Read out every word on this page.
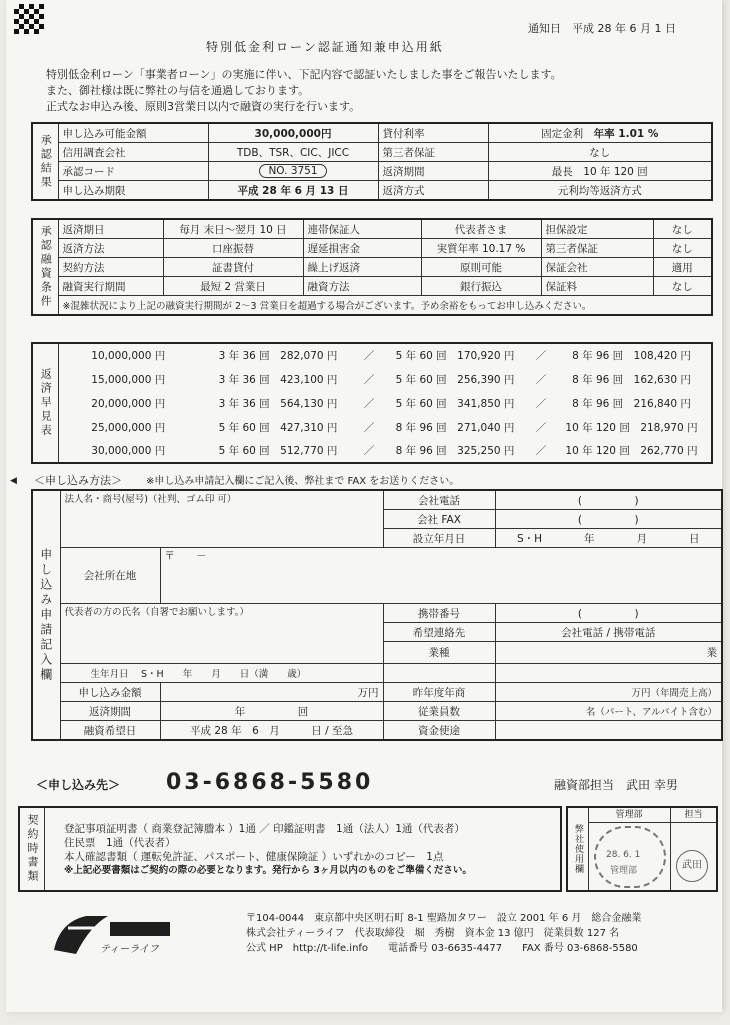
通知日　平成 28 年 6 月 1 日
特別低金利ローン認証通知兼申込用紙
特別低金利ローン「事業者ローン」の実施に伴い、下記内容で認証いたしました事をご報告いたします。
また、御社様は既に弊社の与信を通過しております。
正式なお申込み後、原則3営業日以内で融資の実行を行います。
承認結果	申し込み可能金額	30,000,000円	貸付利率	固定金利　 年率 1.01 %
	信用調査会社	TDB、TSR、CIC、JICC	第三者保証	なし
	承認コード	NO. 3751	返済期間	最長　10 年 120 回
	申し込み期限	平成 28 年 6 月 13 日	返済方式	元利均等返済方式
承認融資条件	返済期日	毎月 末日～翌月 10 日	連帯保証人	代表者さま	担保設定	なし
	返済方法	口座振替	遅延損害金	実質年率 10.17 %	第三者保証	なし
	契約方法	証書貸付	繰上げ返済	原則可能	保証会社	適用
	融資実行期間	最短 2 営業日	融資方法	銀行振込	保証料	なし
	※混雑状況により上記の融資実行期間が 2～3 営業日を超過する場合がございます。予め余裕をもってお申し込みください。					
返済早見表	10,000,000 円	3 年 36 回　282,070 円	／	5 年 60 回　170,920 円	／	8 年 96 回　108,420 円
	15,000,000 円	3 年 36 回　423,100 円	／	5 年 60 回　256,390 円	／	8 年 96 回　162,630 円
	20,000,000 円	3 年 36 回　564,130 円	／	5 年 60 回　341,850 円	／	8 年 96 回　216,840 円
	25,000,000 円	5 年 60 回　427,310 円	／	8 年 96 回　271,040 円	／	10 年 120 回　218,970 円
	30,000,000 円	5 年 60 回　512,770 円	／	8 年 96 回　325,250 円	／	10 年 120 回　262,770 円
◀ ＜申し込み方法＞ ※申し込み申請記入欄にご記入後、弊社まで FAX をお送りください。
申し込み申請記入欄	法人名・商号(屋号)（社判、ゴム印 可）		会社電話	(　　　　　)
			会社 FAX	(　　　　　)
			設立年月日	S・H　　　　年　　　　月　　　　日
	会社所在地	〒　　－		
	代表者の方の氏名（自署でお願いします。）		携帯番号	(　　　　　)
			希望連絡先	会社電話 / 携帯電話
			業種	業
	生年月日　 S・H　　年　　月　　日（満　　歳）			
	申し込み金額	万円	昨年度年商	万円（年間売上高）
	返済期間	年　　　　　回	従業員数	名（パート、アルバイト含む）
	融資希望日	平成 28 年　6　月　　　日 / 至急	資金使途	
＜申し込み先＞ 03-6868-5580	融資部担当　武田 幸男
契約時書類	登記事項証明書（ 商業登記簿謄本 ）1通 ／ 印鑑証明書　1通（法人）1通（代表者）
住民票　1通（代表者）
本人確認書類（ 運転免許証、パスポート、健康保険証 ）いずれかのコピー　1点
※上記必要書類はご契約の際の必要となります。発行から 3ヶ月以内のものをご準備ください。	弊社使用欄
管理部	担当
28. 6. 1
管理部	武田
ティーライフ
〒104-0044　東京都中央区明石町 8-1 聖路加タワー　設立 2001 年 6 月　総合金融業
株式会社ティーライフ　代表取締役　堀　秀樹　資本金 13 億円　従業員数 127 名
公式 HP　http://t-life.info　　電話番号 03-6635-4477　　FAX 番号 03-6868-5580
